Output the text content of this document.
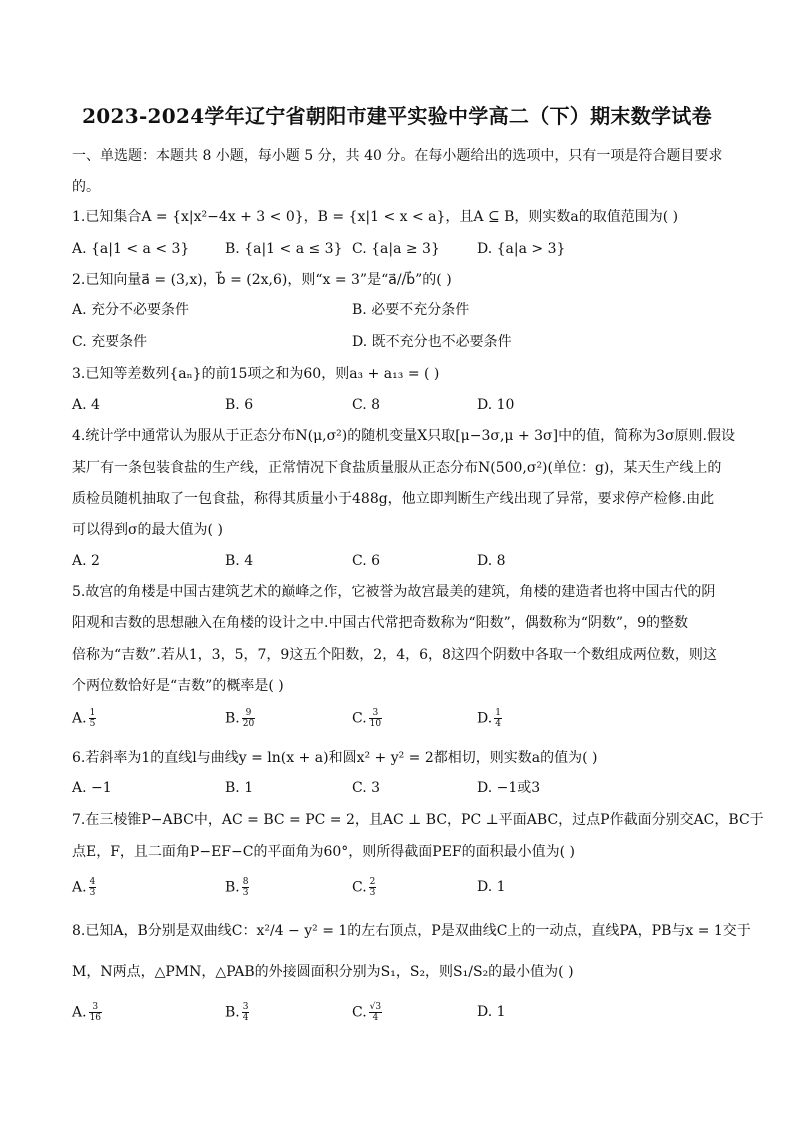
2023-2024学年辽宁省朝阳市建平实验中学高二（下）期末数学试卷
一、单选题：本题共 8 小题，每小题 5 分，共 40 分。在每小题给出的选项中，只有一项是符合题目要求
的。
1.已知集合A = {x|x²−4x + 3 < 0}，B = {x|1 < x < a}，且A ⊆ B，则实数a的取值范围为( )
A. {a|1 < a < 3}	B. {a|1 < a ≤ 3} C. {a|a ≥ 3}	D. {a|a > 3}
2.已知向量a⃗ = (3,x)，b⃗ = (2x,6)，则“x = 3”是“a⃗//b⃗”的( )
A. 充分不必要条件	B. 必要不充分条件
C. 充要条件	D. 既不充分也不必要条件
3.已知等差数列{aₙ}的前15项之和为60，则a₃ + a₁₃ = ( )
A. 4	B. 6	C. 8	D. 10
4.统计学中通常认为服从于正态分布N(μ,σ²)的随机变量X只取[μ−3σ,μ + 3σ]中的值，简称为3σ原则.假设
某厂有一条包装食盐的生产线，正常情况下食盐质量服从正态分布N(500,σ²)(单位：g)，某天生产线上的
质检员随机抽取了一包食盐，称得其质量小于488g，他立即判断生产线出现了异常，要求停产检修.由此
可以得到σ的最大值为( )
A. 2	B. 4	C. 6	D. 8
5.故宫的角楼是中国古建筑艺术的巅峰之作，它被誉为故宫最美的建筑，角楼的建造者也将中国古代的阴
阳观和吉数的思想融入在角楼的设计之中.中国古代常把奇数称为“阳数”，偶数称为“阴数”，9的整数
倍称为“吉数”.若从1，3，5，7，9这五个阳数，2，4，6，8这四个阴数中各取一个数组成两位数，则这
个两位数恰好是“吉数”的概率是( )
A. $\frac{1}{5}$	B. $\frac{9}{20}$	C. $\frac{3}{10}$	D. $\frac{1}{4}$
6.若斜率为1的直线l与曲线y = ln(x + a)和圆x² + y² = 2都相切，则实数a的值为( )
A. −1	B. 1	C. 3	D. −1或3
7.在三棱锥P−ABC中，AC = BC = PC = 2，且AC ⊥ BC，PC ⊥平面ABC，过点P作截面分别交AC，BC于
点E，F，且二面角P−EF−C的平面角为60°，则所得截面PEF的面积最小值为( )
A. $\frac{4}{3}$	B. $\frac{8}{3}$	C. $\frac{2}{3}$	D. 1
8.已知A，B分别是双曲线C：x²/4 − y² = 1的左右顶点，P是双曲线C上的一动点，直线PA，PB与x = 1交于
M，N两点，△PMN，△PAB的外接圆面积分别为S₁，S₂，则S₁/S₂的最小值为( )
A. $\frac{3}{16}$	B. $\frac{3}{4}$	C. $\frac{√3}{4}$	D. 1
